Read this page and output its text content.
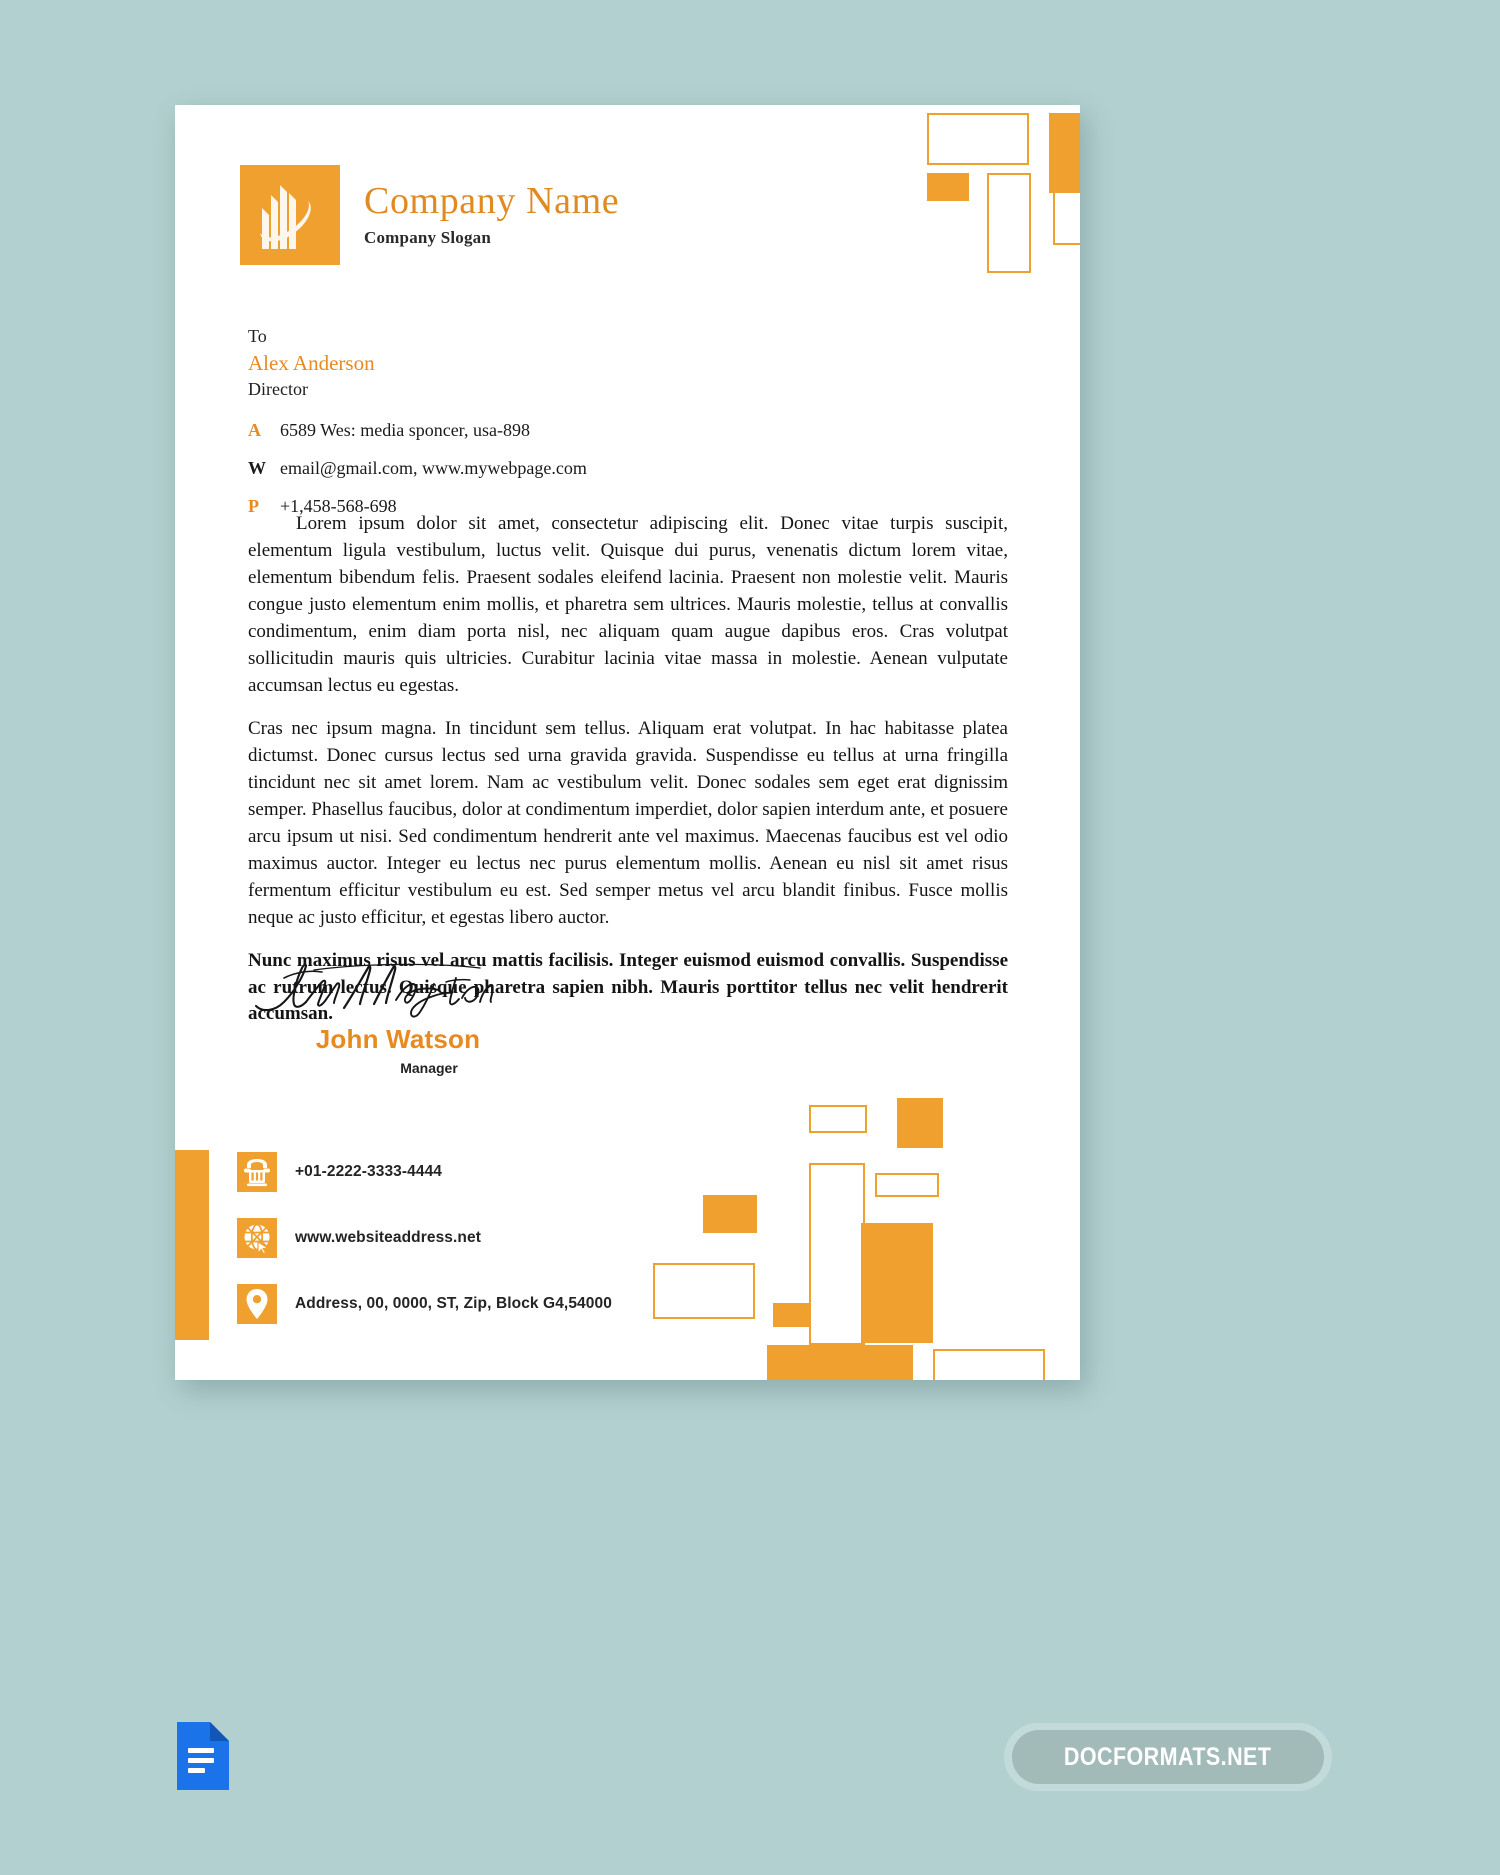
Company Name
Company Slogan
To
Alex Anderson
Director
A	6589 Wes: media sponcer, usa-898
W email@gmail.com, www.mywebpage.com
P	+1,458-568-698

Lorem ipsum dolor sit amet, consectetur adipiscing elit. Donec vitae turpis suscipit, elementum ligula vestibulum, luctus velit. Quisque dui purus, venenatis dictum lorem vitae, elementum bibendum felis. Praesent sodales eleifend lacinia. Praesent non molestie velit. Mauris congue justo elementum enim mollis, et pharetra sem ultrices. Mauris molestie, tellus at convallis condimentum, enim diam porta nisl, nec aliquam quam augue dapibus eros. Cras volutpat sollicitudin mauris quis ultricies. Curabitur lacinia vitae massa in molestie. Aenean vulputate accumsan lectus eu egestas.

Cras nec ipsum magna. In tincidunt sem tellus. Aliquam erat volutpat. In hac habitasse platea dictumst. Donec cursus lectus sed urna gravida gravida. Suspendisse eu tellus at urna fringilla tincidunt nec sit amet lorem. Nam ac vestibulum velit. Donec sodales sem eget erat dignissim semper. Phasellus faucibus, dolor at condimentum imperdiet, dolor sapien interdum ante, et posuere arcu ipsum ut nisi. Sed condimentum hendrerit ante vel maximus. Maecenas faucibus est vel odio maximus auctor. Integer eu lectus nec purus elementum mollis. Aenean eu nisl sit amet risus fermentum efficitur vestibulum eu est. Sed semper metus vel arcu blandit finibus. Fusce mollis neque ac justo efficitur, et egestas libero auctor.

Nunc maximus risus vel arcu mattis facilisis. Integer euismod euismod convallis. Suspendisse ac rutrum lectus. Quisque pharetra sapien nibh. Mauris porttitor tellus nec velit hendrerit accumsan.

John Watson
Manager
+01-2222-3333-4444
www.websiteaddress.net
Address, 00, 0000, ST, Zip, Block G4,54000
DOCFORMATS.NET
